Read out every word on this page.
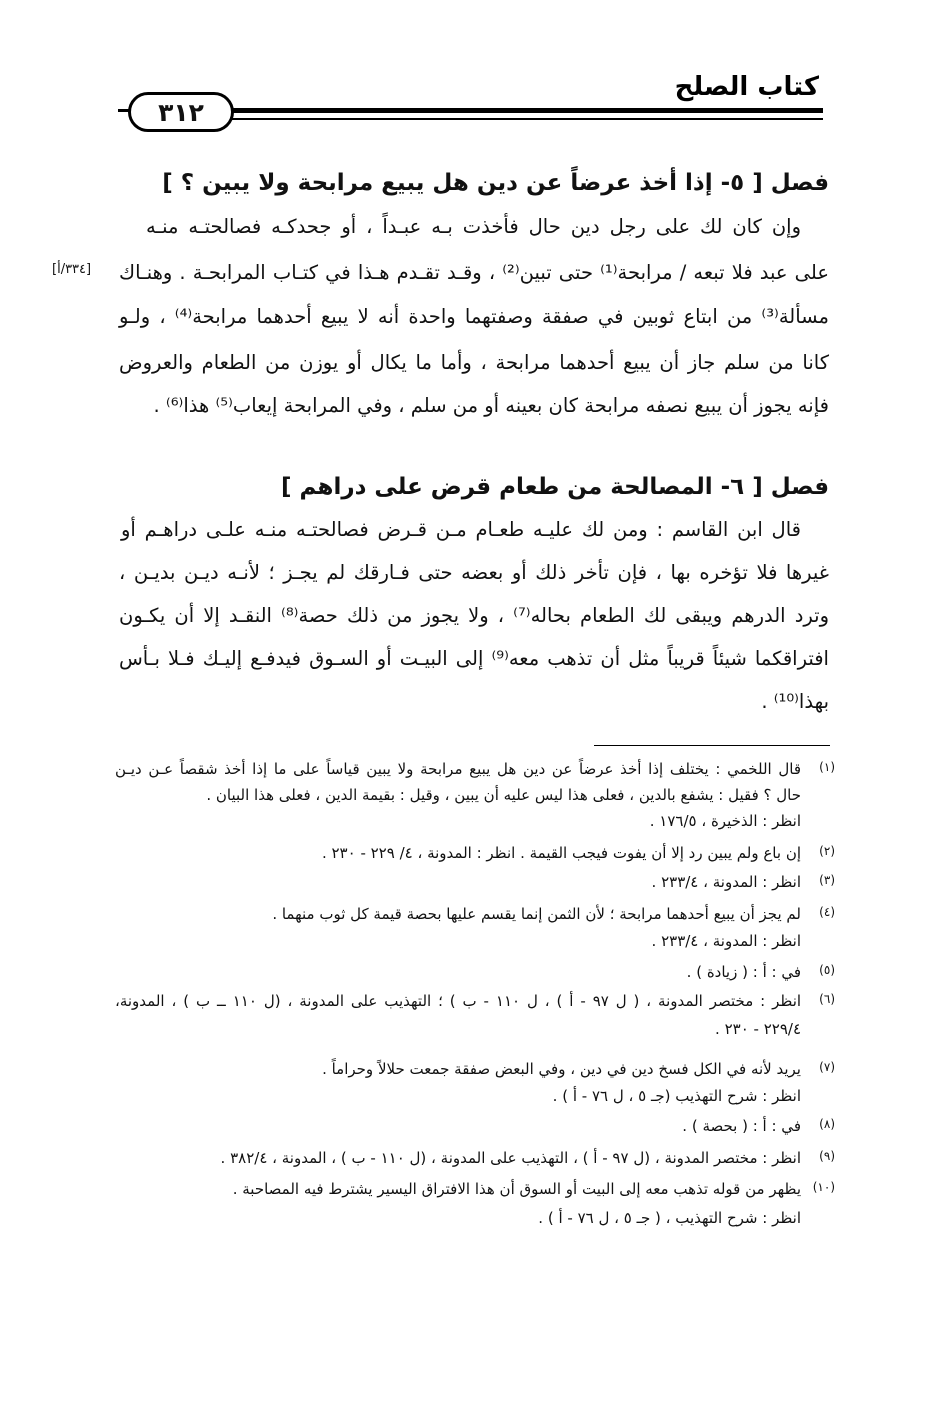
كتاب الصلح
٣١٢
فصل [ ٥- إذا أخذ عرضاً عن دين هل يبيع مرابحة ولا يبين ؟ ]
وإن كان لك على رجل دين حال فأخذت بـه عبـداً ، أو جحدكـه فصالحتـه منـه
على عبد فلا تبعه / مرابحة⁽¹⁾ حتى تبين⁽²⁾ ، وقـد تقـدم هـذا في كتـاب المرابحـة . وهنـاك
مسألة⁽³⁾ من ابتاع ثوبين في صفقة وصفتهما واحدة أنه لا يبيع أحدهما مرابحة⁽⁴⁾ ، ولـو
كانا من سلم جاز أن يبيع أحدهما مرابحة ، وأما ما يكال أو يوزن من الطعام والعروض
فإنه يجوز أن يبيع نصفه مرابحة كان بعينه أو من سلم ، وفي المرابحة إيعاب⁽⁵⁾ هذا⁽⁶⁾ .
[٣٣٤/أ]
فصل [ ٦- المصالحة من طعام قرض على دراهم ]
قال ابن القاسم : ومن لك عليـه طعـام مـن قـرض فصالحتـه منـه علـى دراهـم أو
غيرها فلا تؤخره بها ، فإن تأخر ذلك أو بعضه حتى فـارقك لم يجـز ؛ لأنـه ديـن بديـن ،
وترد الدرهم ويبقى لك الطعام بحاله⁽⁷⁾ ، ولا يجوز من ذلك حصة⁽⁸⁾ النقـد إلا أن يكـون
افتراقكما شيئاً قريباً مثل أن تذهب معه⁽⁹⁾ إلى البيـت أو السـوق فيدفـع إليـك فـلا بـأس
بهذا⁽¹⁰⁾ .
(١)
قال اللخمي : يختلف إذا أخذ عرضاً عن دين هل يبيع مرابحة ولا يبين قياساً على ما إذا أخذ شقصاً عـن ديـن
حال ؟ فقيل : يشفع بالدين ، فعلى هذا ليس عليه أن يبين ، وقيل : بقيمة الدين ، فعلى هذا البيان .
انظر : الذخيرة ، ١٧٦/٥ .
(٢)
إن باع ولم يبين رد إلا أن يفوت فيجب القيمة . انظر : المدونة ، ٤/ ٢٢٩ - ٢٣٠ .
(٣)
انظر : المدونة ، ٢٣٣/٤ .
(٤)
لم يجز أن يبيع أحدهما مرابحة ؛ لأن الثمن إنما يقسم عليها بحصة قيمة كل ثوب منهما .
انظر : المدونة ، ٢٣٣/٤ .
(٥)
في : أ : ( زيادة ) .
(٦)
انظر : مختصر المدونة ، ( ل ٩٧ - أ ) ، ل ١١٠ - ب ) ؛ التهذيب على المدونة ، (ل ١١٠ ــ ب ) ، المدونة،
٢٢٩/٤ - ٢٣٠ .
(٧)
يريد لأنه في الكل فسخ دين في دين ، وفي البعض صفقة جمعت حلالاً وحراماً .
انظر : شرح التهذيب (جـ ٥ ، ل ٧٦ - أ ) .
(٨)
في : أ : ( بحصة ) .
(٩)
انظر : مختصر المدونة ، (ل ٩٧ - أ ) ، التهذيب على المدونة ، (ل ١١٠ - ب ) ، المدونة ، ٣٨٢/٤ .
(١٠)
يظهر من قوله تذهب معه إلى البيت أو السوق أن هذا الافتراق اليسير يشترط فيه المصاحبة .
انظر : شرح التهذيب ، ( جـ ٥ ، ل ٧٦ - أ ) .
